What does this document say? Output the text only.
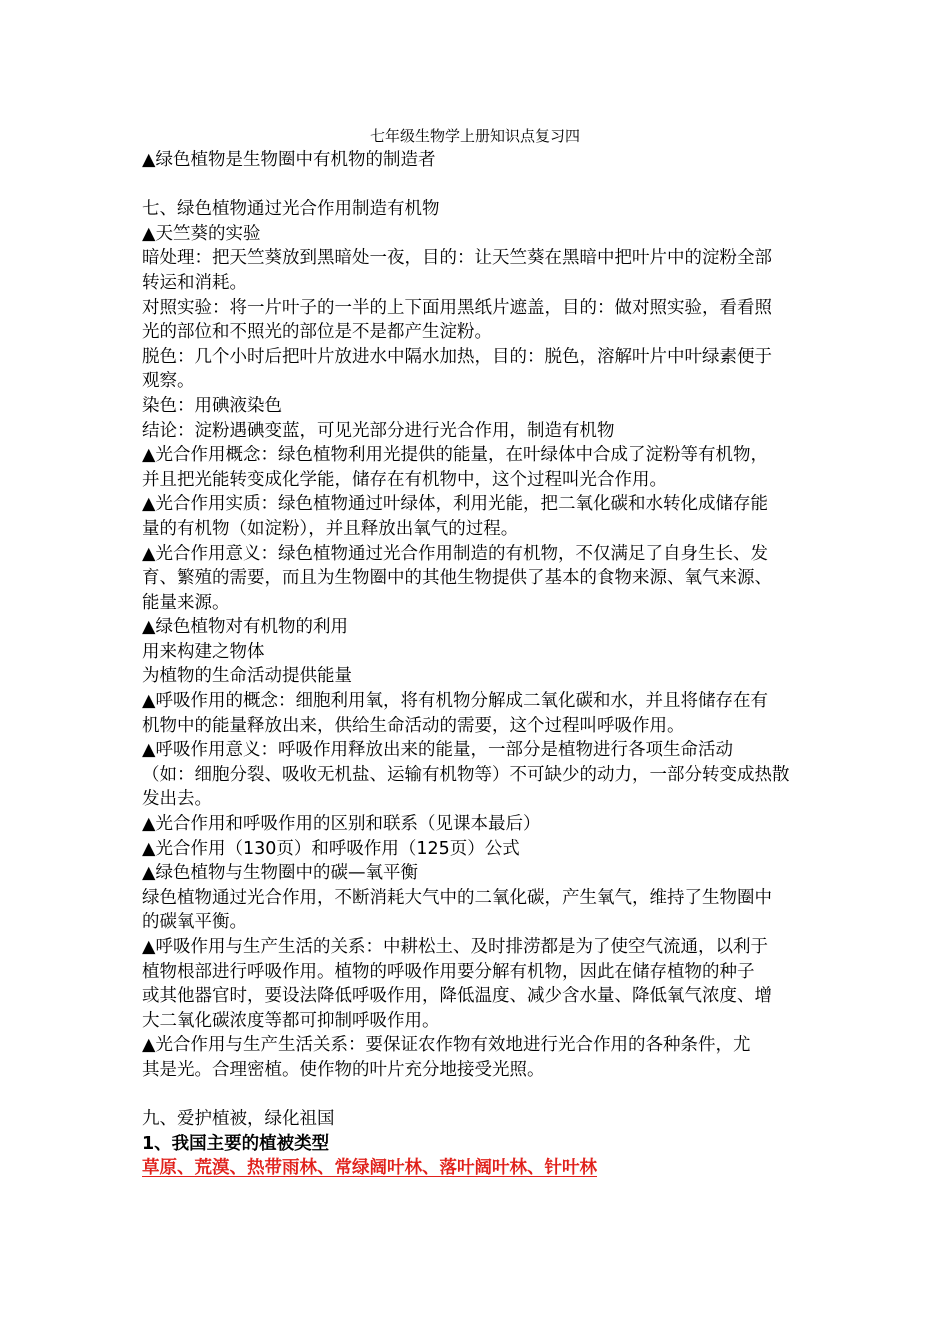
七年级生物学上册知识点复习四
▲绿色植物是生物圈中有机物的制造者
七、绿色植物通过光合作用制造有机物
▲天竺葵的实验
暗处理：把天竺葵放到黑暗处一夜，目的：让天竺葵在黑暗中把叶片中的淀粉全部
转运和消耗。
对照实验：将一片叶子的一半的上下面用黑纸片遮盖，目的：做对照实验，看看照
光的部位和不照光的部位是不是都产生淀粉。
脱色：几个小时后把叶片放进水中隔水加热，目的：脱色，溶解叶片中叶绿素便于
观察。
染色：用碘液染色
结论：淀粉遇碘变蓝，可见光部分进行光合作用，制造有机物
▲光合作用概念：绿色植物利用光提供的能量，在叶绿体中合成了淀粉等有机物，
并且把光能转变成化学能，储存在有机物中，这个过程叫光合作用。
▲光合作用实质：绿色植物通过叶绿体，利用光能，把二氧化碳和水转化成储存能
量的有机物（如淀粉），并且释放出氧气的过程。
▲光合作用意义：绿色植物通过光合作用制造的有机物，不仅满足了自身生长、发
育、繁殖的需要，而且为生物圈中的其他生物提供了基本的食物来源、氧气来源、
能量来源。
▲绿色植物对有机物的利用
用来构建之物体
为植物的生命活动提供能量
▲呼吸作用的概念：细胞利用氧，将有机物分解成二氧化碳和水，并且将储存在有
机物中的能量释放出来，供给生命活动的需要，这个过程叫呼吸作用。
▲呼吸作用意义：呼吸作用释放出来的能量，一部分是植物进行各项生命活动
（如：细胞分裂、吸收无机盐、运输有机物等）不可缺少的动力，一部分转变成热散
发出去。
▲光合作用和呼吸作用的区别和联系（见课本最后）
▲光合作用（130页）和呼吸作用（125页）公式
▲绿色植物与生物圈中的碳—氧平衡
绿色植物通过光合作用，不断消耗大气中的二氧化碳，产生氧气，维持了生物圈中
的碳氧平衡。
▲呼吸作用与生产生活的关系：中耕松土、及时排涝都是为了使空气流通，以利于
植物根部进行呼吸作用。植物的呼吸作用要分解有机物，因此在储存植物的种子
或其他器官时，要设法降低呼吸作用，降低温度、减少含水量、降低氧气浓度、增
大二氧化碳浓度等都可抑制呼吸作用。
▲光合作用与生产生活关系：要保证农作物有效地进行光合作用的各种条件，尤
其是光。合理密植。使作物的叶片充分地接受光照。
九、爱护植被，绿化祖国
1、我国主要的植被类型
草原、荒漠、热带雨林、常绿阔叶林、落叶阔叶林、针叶林
